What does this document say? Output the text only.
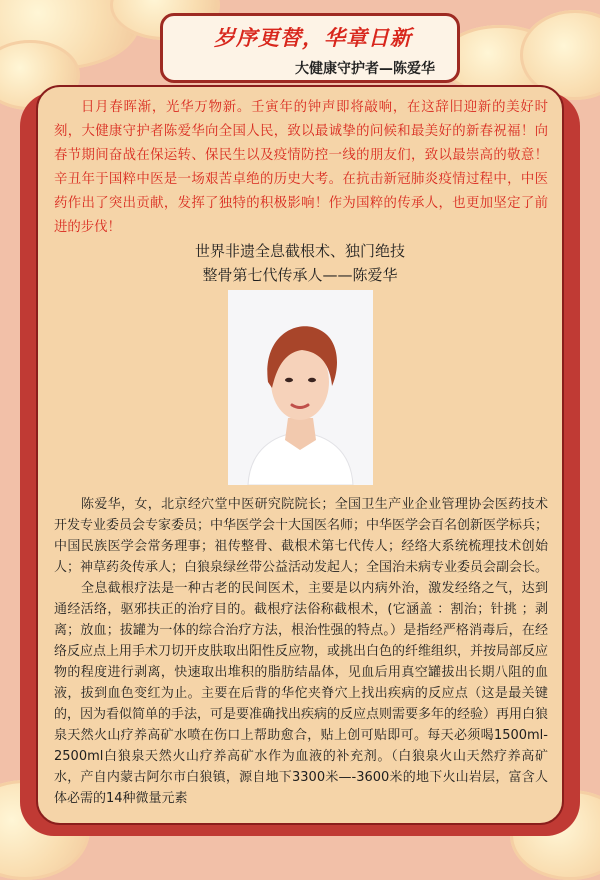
岁序更替，华章日新
大健康守护者—陈爱华

日月春晖渐，光华万物新。壬寅年的钟声即将敲响，在这辞旧迎新的美好时刻，大健康守护者陈爱华向全国人民，致以最诚挚的问候和最美好的新春祝福！向春节期间奋战在保运转、保民生以及疫情防控一线的朋友们，致以最崇高的敬意！辛丑年于国粹中医是一场艰苦卓绝的历史大考。在抗击新冠肺炎疫情过程中，中医药作出了突出贡献，发挥了独特的积极影响！作为国粹的传承人，也更加坚定了前进的步伐！

世界非遗全息截根术、独门绝技
整骨第七代传承人——陈爱华

陈爱华，女，北京经穴堂中医研究院院长；全国卫生产业企业管理协会医药技术开发专业委员会专家委员；中华医学会十大国医名师；中华医学会百名创新医学标兵；中国民族医学会常务理事；祖传整骨、截根术第七代传人；经络大系统梳理技术创始人；神草药灸传承人；白狼泉绿丝带公益活动发起人；全国治未病专业委员会副会长。

全息截根疗法是一种古老的民间医术，主要是以内病外治，激发经络之气，达到通经活络，驱邪扶正的治疗目的。截根疗法俗称截根术，(它涵盖 ：割治；针挑 ；剥离；放血；拔罐为一体的综合治疗方法，根治性强的特点。）是指经严格消毒后，在经络反应点上用手术刀切开皮肤取出阳性反应物，或挑出白色的纤维组织，并按局部反应物的程度进行剥离，快速取出堆积的脂肪结晶体，见血后用真空罐拔出长期八阻的血液，拔到血色变红为止。主要在后背的华佗夹脊穴上找出疾病的反应点（这是最关键的，因为看似简单的手法，可是要准确找出疾病的反应点则需要多年的经验）再用白狼泉天然火山疗养高矿水喷在伤口上帮助愈合，贴上创可贴即可。每天必须喝1500ml-2500ml白狼泉天然火山疗养高矿水作为血液的补充剂。（白狼泉火山天然疗养高矿水，产自内蒙古阿尔市白狼镇，源自地下3300米—-3600米的地下火山岩层，富含人体必需的14种微量元素
